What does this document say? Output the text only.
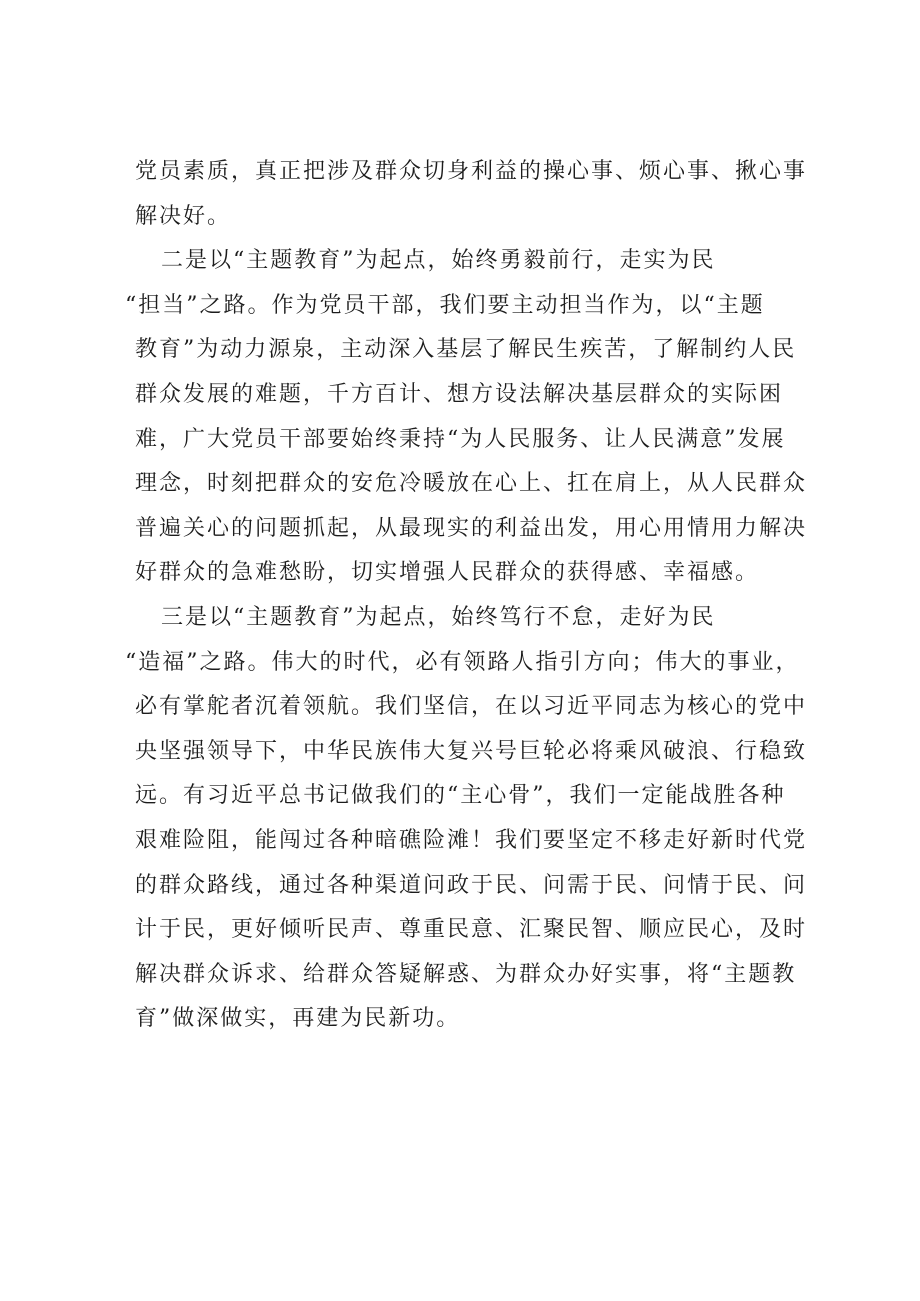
党员素质，真正把涉及群众切身利益的操心事、烦心事、揪心事
解决好。
二是以“主题教育”为起点，始终勇毅前行，走实为民
“担当”之路。作为党员干部，我们要主动担当作为，以“主题
教育”为动力源泉，主动深入基层了解民生疾苦，了解制约人民
群众发展的难题，千方百计、想方设法解决基层群众的实际困
难，广大党员干部要始终秉持“为人民服务、让人民满意”发展
理念，时刻把群众的安危冷暖放在心上、扛在肩上，从人民群众
普遍关心的问题抓起，从最现实的利益出发，用心用情用力解决
好群众的急难愁盼，切实增强人民群众的获得感、幸福感。
三是以“主题教育”为起点，始终笃行不怠，走好为民
“造福”之路。伟大的时代，必有领路人指引方向；伟大的事业，
必有掌舵者沉着领航。我们坚信，在以习近平同志为核心的党中
央坚强领导下，中华民族伟大复兴号巨轮必将乘风破浪、行稳致
远。有习近平总书记做我们的“主心骨”，我们一定能战胜各种
艰难险阻，能闯过各种暗礁险滩！我们要坚定不移走好新时代党
的群众路线，通过各种渠道问政于民、问需于民、问情于民、问
计于民，更好倾听民声、尊重民意、汇聚民智、顺应民心，及时
解决群众诉求、给群众答疑解惑、为群众办好实事，将“主题教
育”做深做实，再建为民新功。
